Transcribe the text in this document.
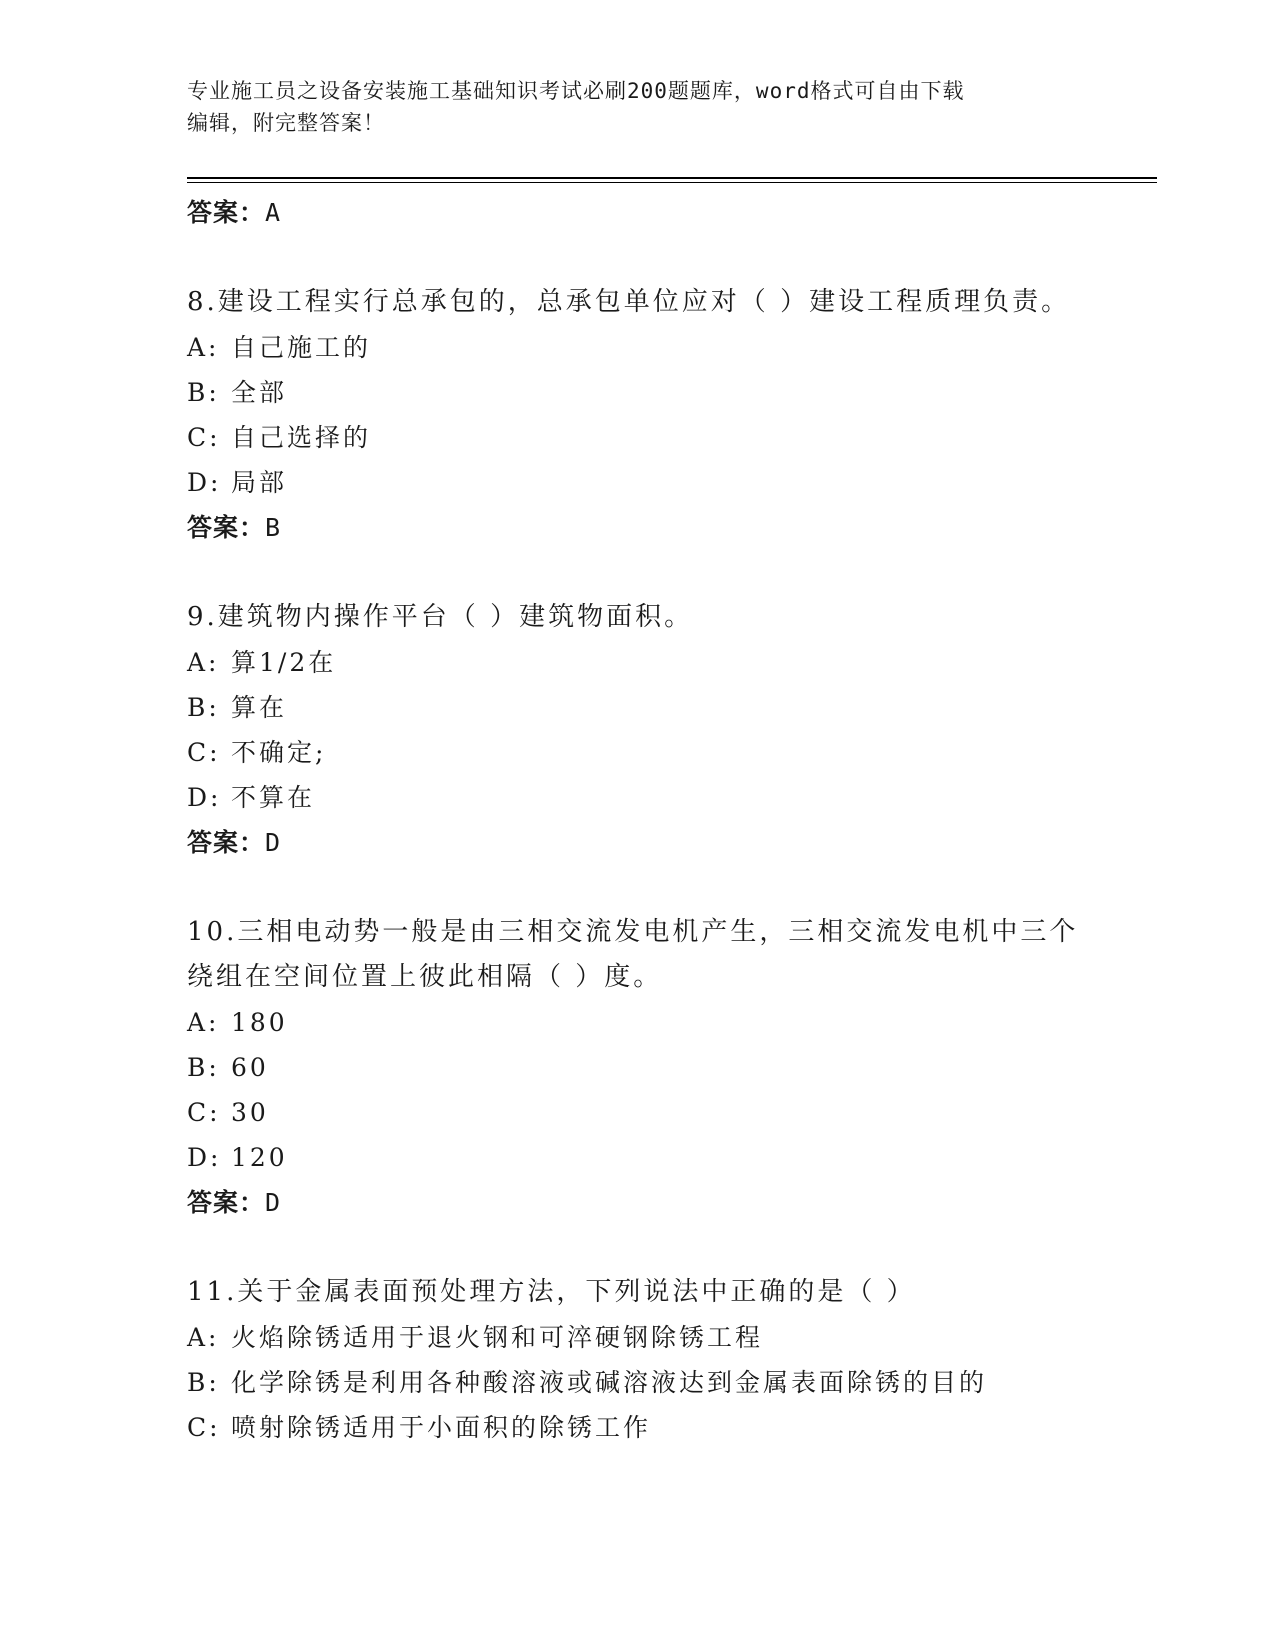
专业施工员之设备安装施工基础知识考试必刷200题题库，word格式可自由下载
编辑，附完整答案！
答案：A
8.建设工程实行总承包的，总承包单位应对（ ）建设工程质理负责。
A: 自己施工的
B: 全部
C: 自己选择的
D: 局部
答案：B
9.建筑物内操作平台（ ）建筑物面积。
A: 算1/2在
B: 算在
C: 不确定;
D: 不算在
答案：D
10.三相电动势一般是由三相交流发电机产生，三相交流发电机中三个绕组在空间位置上彼此相隔（ ）度。
A: 180
B: 60
C: 30
D: 120
答案：D
11.关于金属表面预处理方法，下列说法中正确的是（ ）
A: 火焰除锈适用于退火钢和可淬硬钢除锈工程
B: 化学除锈是利用各种酸溶液或碱溶液达到金属表面除锈的目的
C: 喷射除锈适用于小面积的除锈工作
